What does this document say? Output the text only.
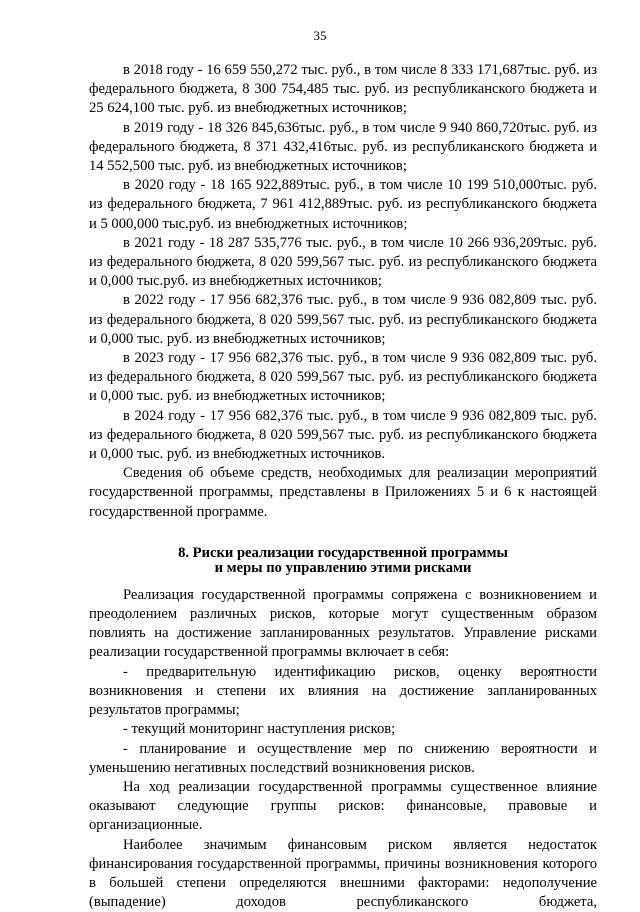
35

в 2018 году - 16 659 550,272 тыс. руб., в том числе 8 333 171,687тыс. руб. из федерального бюджета, 8 300 754,485 тыс. руб. из республиканского бюджета и 25 624,100 тыс. руб. из внебюджетных источников;

в 2019 году - 18 326 845,636тыс. руб., в том числе 9 940 860,720тыс. руб. из федерального бюджета, 8 371 432,416тыс. руб. из республиканского бюджета и 14 552,500 тыс. руб. из внебюджетных источников;

в 2020 году - 18 165 922,889тыс. руб., в том числе 10 199 510,000тыс. руб. из федерального бюджета, 7 961 412,889тыс. руб. из республиканского бюджета и 5 000,000 тыс.руб. из внебюджетных источников;

в 2021 году - 18 287 535,776 тыс. руб., в том числе 10 266 936,209тыс. руб. из федерального бюджета, 8 020 599,567 тыс. руб. из республиканского бюджета и 0,000 тыс.руб. из внебюджетных источников;

в 2022 году - 17 956 682,376 тыс. руб., в том числе 9 936 082,809 тыс. руб. из федерального бюджета, 8 020 599,567 тыс. руб. из республиканского бюджета и 0,000 тыс. руб. из внебюджетных источников;

в 2023 году - 17 956 682,376 тыс. руб., в том числе 9 936 082,809 тыс. руб. из федерального бюджета, 8 020 599,567 тыс. руб. из республиканского бюджета и 0,000 тыс. руб. из внебюджетных источников;

в 2024 году - 17 956 682,376 тыс. руб., в том числе 9 936 082,809 тыс. руб. из федерального бюджета, 8 020 599,567 тыс. руб. из республиканского бюджета и 0,000 тыс. руб. из внебюджетных источников.

Сведения об объеме средств, необходимых для реализации мероприятий государственной программы, представлены в Приложениях 5 и 6 к настоящей государственной программе.

8. Риски реализации государственной программы
и меры по управлению этими рисками

Реализация государственной программы сопряжена с возникновением и преодолением различных рисков, которые могут существенным образом повлиять на достижение запланированных результатов. Управление рисками реализации государственной программы включает в себя:

- предварительную идентификацию рисков, оценку вероятности возникновения и степени их влияния на достижение запланированных результатов программы;

- текущий мониторинг наступления рисков;

- планирование и осуществление мер по снижению вероятности и уменьшению негативных последствий возникновения рисков.

На ход реализации государственной программы существенное влияние оказывают следующие группы рисков: финансовые, правовые и организационные.

Наиболее значимым финансовым риском является недостаток финансирования государственной программы, причины возникновения которого в большей степени определяются внешними факторами: недополучение (выпадение) доходов республиканского бюджета,
